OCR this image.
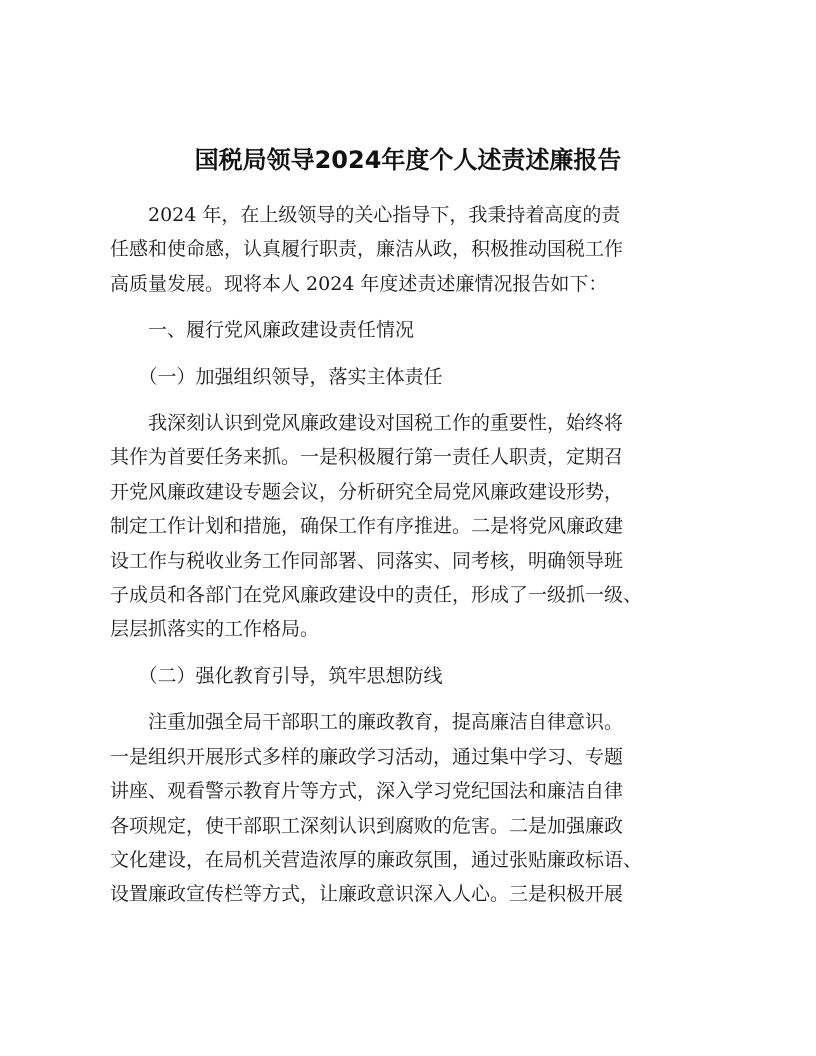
国税局领导2024年度个人述责述廉报告

　　2024 年，在上级领导的关心指导下，我秉持着高度的责

任感和使命感，认真履行职责，廉洁从政，积极推动国税工作

高质量发展。现将本人 2024 年度述责述廉情况报告如下：

　　一、履行党风廉政建设责任情况

　　（一）加强组织领导，落实主体责任

　　我深刻认识到党风廉政建设对国税工作的重要性，始终将

其作为首要任务来抓。一是积极履行第一责任人职责，定期召

开党风廉政建设专题会议，分析研究全局党风廉政建设形势，

制定工作计划和措施，确保工作有序推进。二是将党风廉政建

设工作与税收业务工作同部署、同落实、同考核，明确领导班

子成员和各部门在党风廉政建设中的责任，形成了一级抓一级、

层层抓落实的工作格局。

　　（二）强化教育引导，筑牢思想防线

　　注重加强全局干部职工的廉政教育，提高廉洁自律意识。

一是组织开展形式多样的廉政学习活动，通过集中学习、专题

讲座、观看警示教育片等方式，深入学习党纪国法和廉洁自律

各项规定，使干部职工深刻认识到腐败的危害。二是加强廉政

文化建设，在局机关营造浓厚的廉政氛围，通过张贴廉政标语、

设置廉政宣传栏等方式，让廉政意识深入人心。三是积极开展
